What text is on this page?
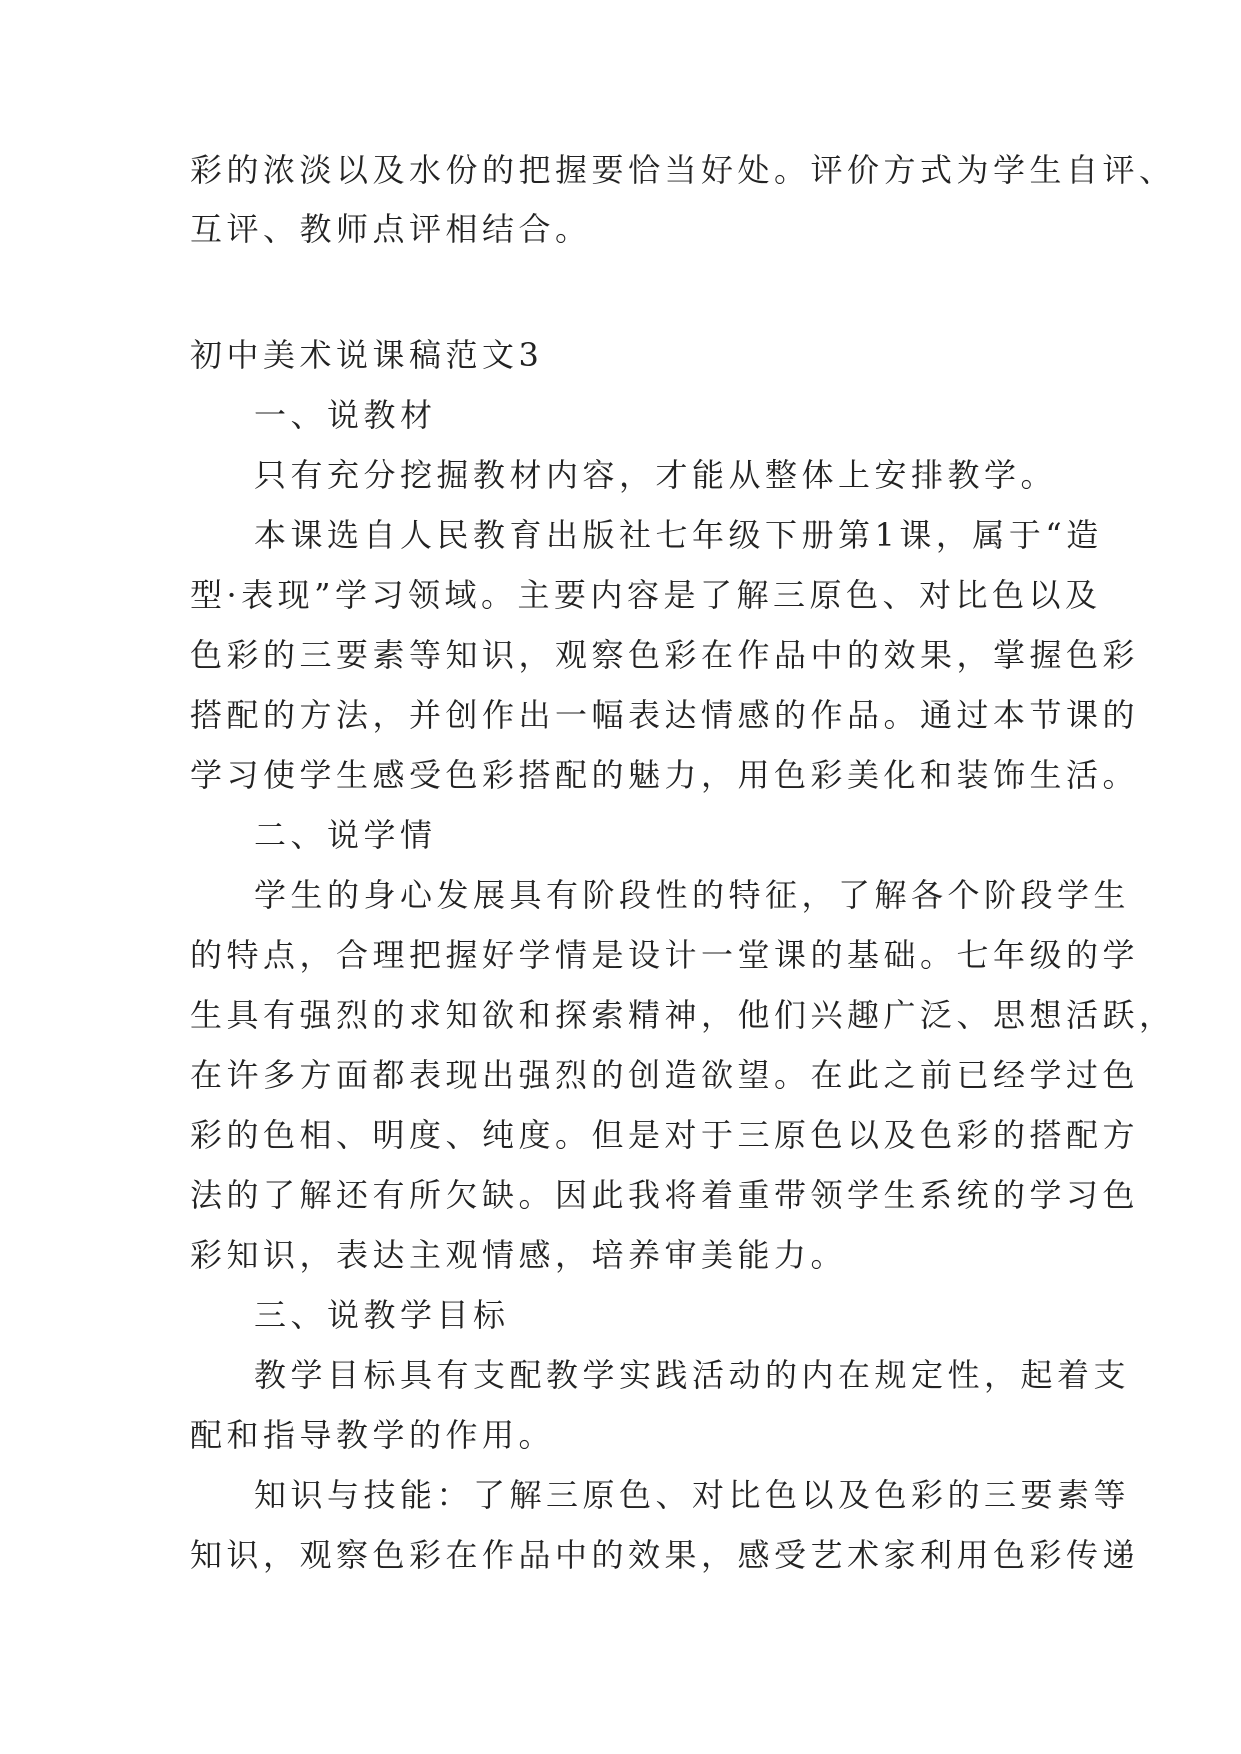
彩的浓淡以及水份的把握要恰当好处。评价方式为学生自评、
互评、教师点评相结合。
初中美术说课稿范文3
一、说教材
只有充分挖掘教材内容，才能从整体上安排教学。
本课选自人民教育出版社七年级下册第1课，属于“造
型·表现”学习领域。主要内容是了解三原色、对比色以及
色彩的三要素等知识，观察色彩在作品中的效果，掌握色彩
搭配的方法，并创作出一幅表达情感的作品。通过本节课的
学习使学生感受色彩搭配的魅力，用色彩美化和装饰生活。
二、说学情
学生的身心发展具有阶段性的特征，了解各个阶段学生
的特点，合理把握好学情是设计一堂课的基础。七年级的学
生具有强烈的求知欲和探索精神，他们兴趣广泛、思想活跃，
在许多方面都表现出强烈的创造欲望。在此之前已经学过色
彩的色相、明度、纯度。但是对于三原色以及色彩的搭配方
法的了解还有所欠缺。因此我将着重带领学生系统的学习色
彩知识，表达主观情感，培养审美能力。
三、说教学目标
教学目标具有支配教学实践活动的内在规定性，起着支
配和指导教学的作用。
知识与技能：了解三原色、对比色以及色彩的三要素等
知识，观察色彩在作品中的效果，感受艺术家利用色彩传递
